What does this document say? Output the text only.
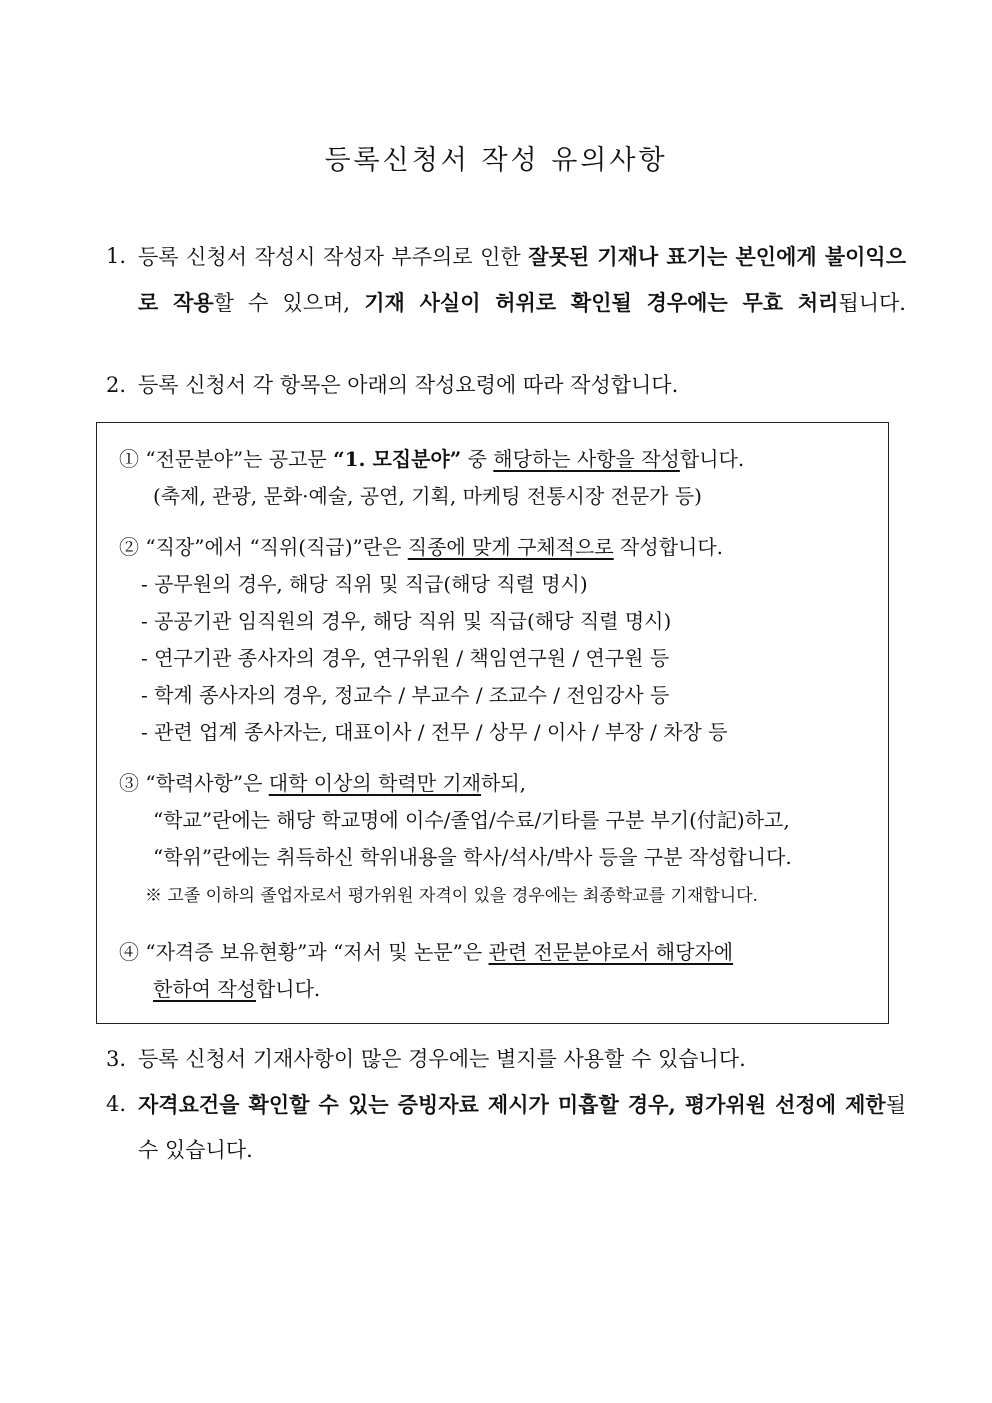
등록신청서 작성 유의사항
1. 등록 신청서 작성시 작성자 부주의로 인한 잘못된 기재나 표기는 본인에게 불이익으로 작용할 수 있으며, 기재 사실이 허위로 확인될 경우에는 무효 처리됩니다.
2. 등록 신청서 각 항목은 아래의 작성요령에 따라 작성합니다.
① “전문분야”는 공고문 “1. 모집분야” 중 해당하는 사항을 작성합니다.
(축제, 관광, 문화·예술, 공연, 기획, 마케팅 전통시장 전문가 등)
② “직장”에서 “직위(직급)”란은 직종에 맞게 구체적으로 작성합니다.
- 공무원의 경우, 해당 직위 및 직급(해당 직렬 명시)
- 공공기관 임직원의 경우, 해당 직위 및 직급(해당 직렬 명시)
- 연구기관 종사자의 경우, 연구위원 / 책임연구원 / 연구원 등
- 학계 종사자의 경우, 정교수 / 부교수 / 조교수 / 전임강사 등
- 관련 업계 종사자는, 대표이사 / 전무 / 상무 / 이사 / 부장 / 차장 등
③ “학력사항”은 대학 이상의 학력만 기재하되,
“학교”란에는 해당 학교명에 이수/졸업/수료/기타를 구분 부기(付記)하고,
“학위”란에는 취득하신 학위내용을 학사/석사/박사 등을 구분 작성합니다.
※ 고졸 이하의 졸업자로서 평가위원 자격이 있을 경우에는 최종학교를 기재합니다.
④ “자격증 보유현황”과 “저서 및 논문”은 관련 전문분야로서 해당자에
한하여 작성합니다.
3. 등록 신청서 기재사항이 많은 경우에는 별지를 사용할 수 있습니다.
4. 자격요건을 확인할 수 있는 증빙자료 제시가 미흡할 경우, 평가위원 선정에 제한될 수 있습니다.
